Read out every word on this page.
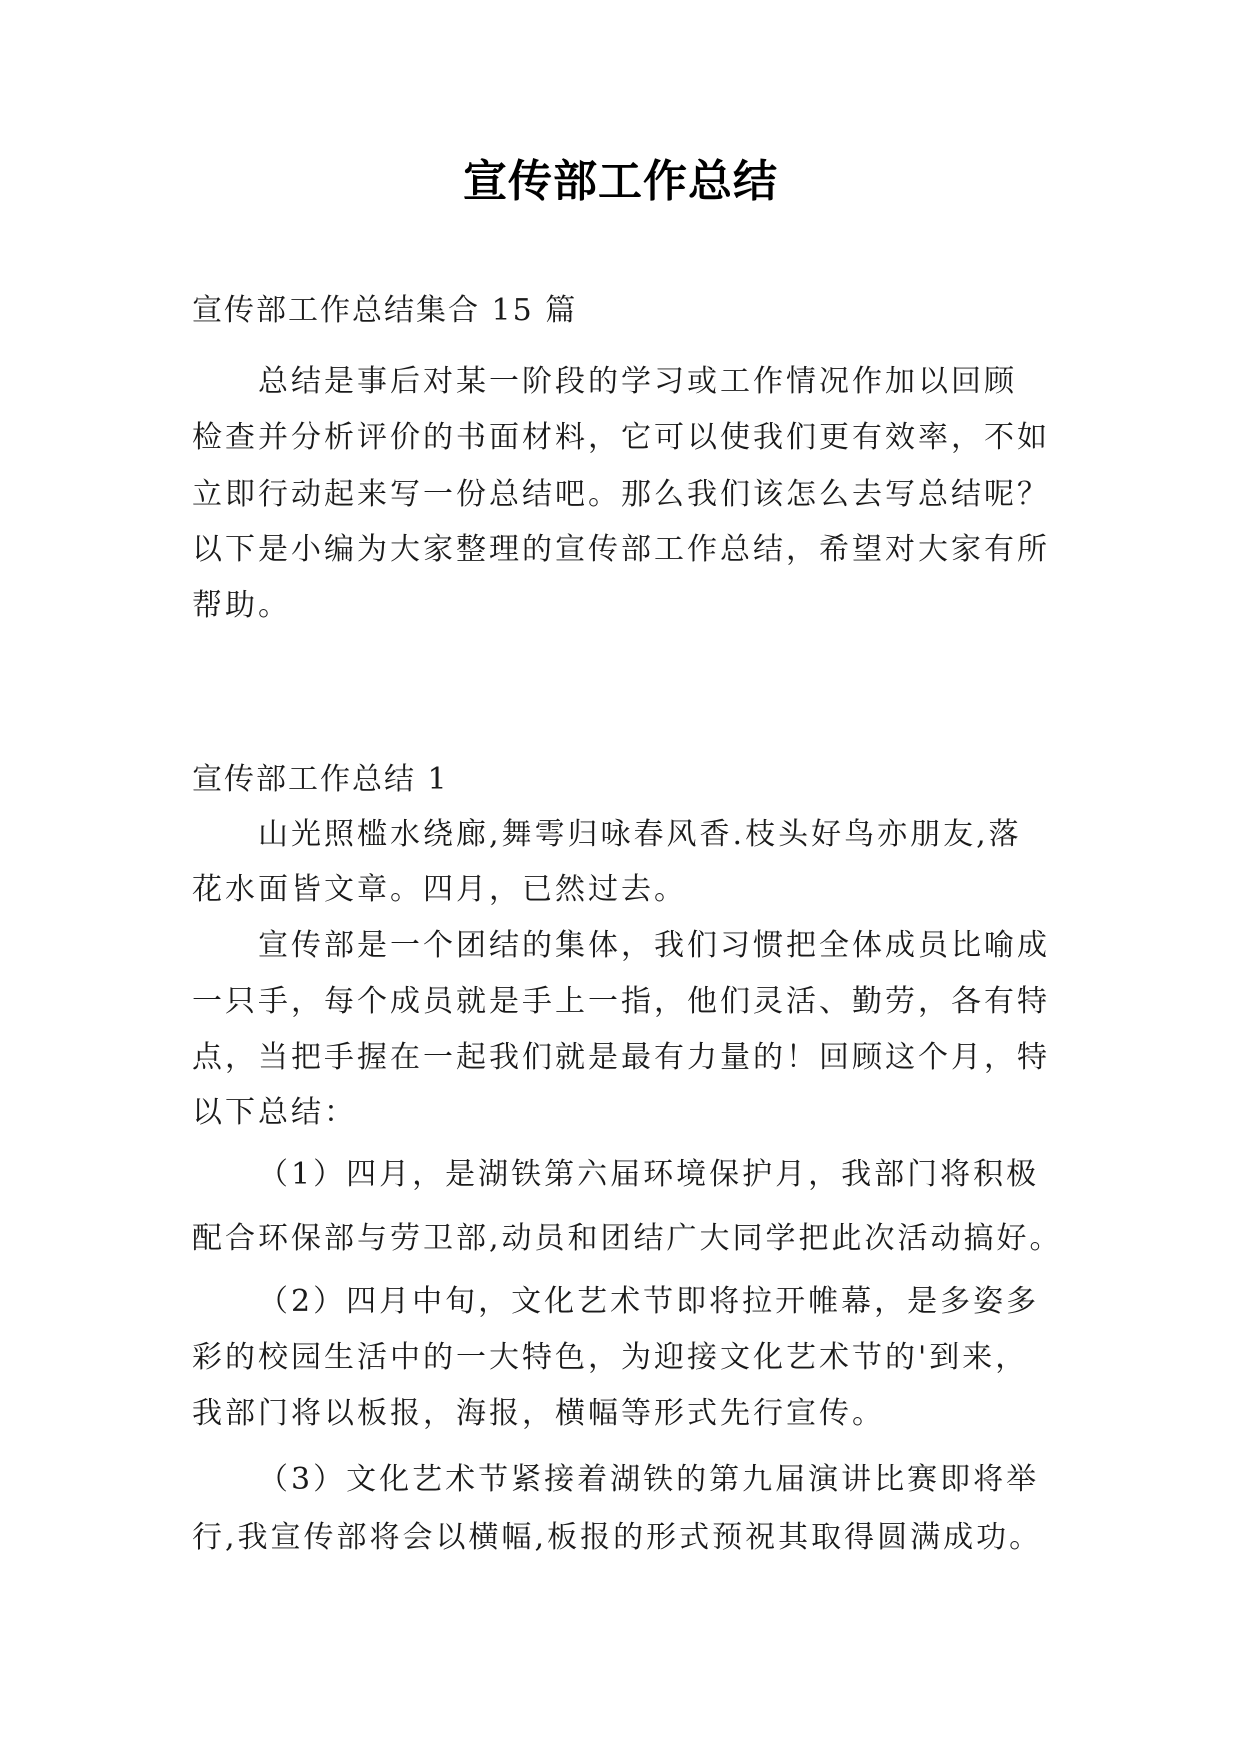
宣传部工作总结
宣传部工作总结集合 15 篇
总结是事后对某一阶段的学习或工作情况作加以回顾
检查并分析评价的书面材料，它可以使我们更有效率，不如
立即行动起来写一份总结吧。那么我们该怎么去写总结呢？
以下是小编为大家整理的宣传部工作总结，希望对大家有所
帮助。
宣传部工作总结 1
山光照槛水绕廊,舞雩归咏春风香.枝头好鸟亦朋友,落
花水面皆文章。四月，已然过去。
宣传部是一个团结的集体，我们习惯把全体成员比喻成
一只手，每个成员就是手上一指，他们灵活、勤劳，各有特
点，当把手握在一起我们就是最有力量的！回顾这个月，特
以下总结：
（1）四月，是湖铁第六届环境保护月，我部门将积极
配合环保部与劳卫部,动员和团结广大同学把此次活动搞好。
（2）四月中旬，文化艺术节即将拉开帷幕，是多姿多
彩的校园生活中的一大特色，为迎接文化艺术节的'到来，
我部门将以板报，海报，横幅等形式先行宣传。
（3）文化艺术节紧接着湖铁的第九届演讲比赛即将举
行,我宣传部将会以横幅,板报的形式预祝其取得圆满成功。
